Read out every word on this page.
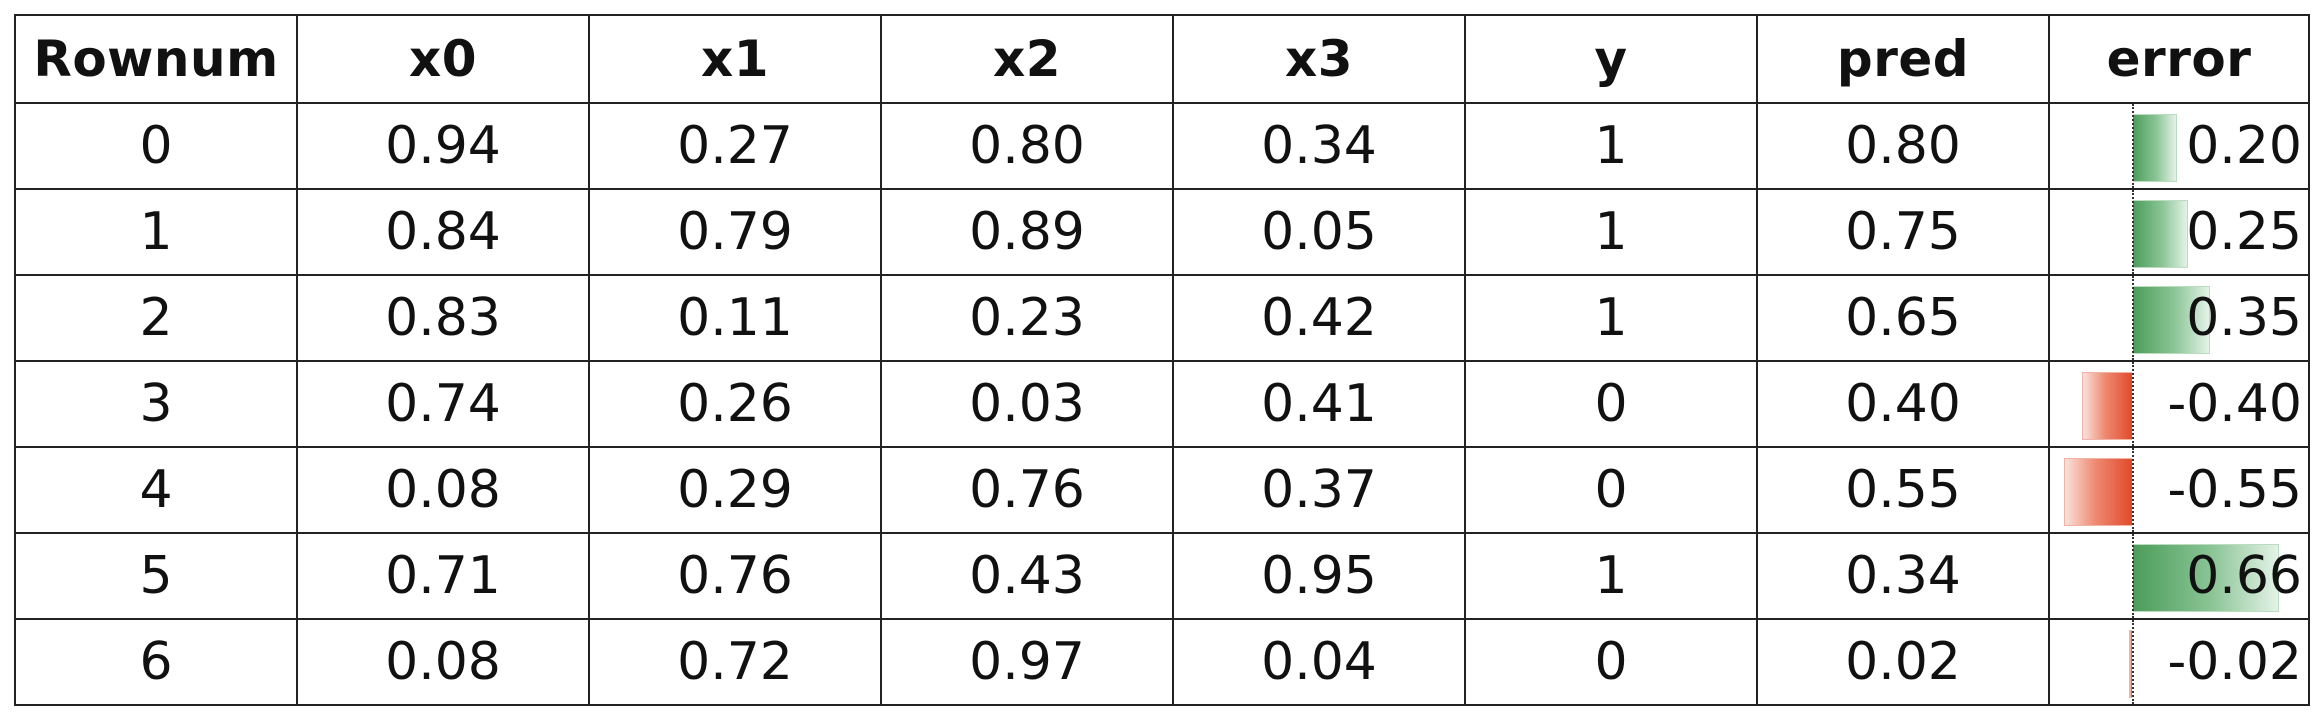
Rownum	x0	x1	x2	x3	y	pred	error
0	0.94	0.27	0.80	0.34	1	0.80	0.20

1	0.84	0.79	0.89	0.05	1	0.75	0.25

2	0.83	0.11	0.23	0.42	1	0.65	0.35

3	0.74	0.26	0.03	0.41	0	0.40	-0.40

4	0.08	0.29	0.76	0.37	0	0.55	-0.55

5	0.71	0.76	0.43	0.95	1	0.34	0.66

6	0.08	0.72	0.97	0.04	0	0.02	-0.02
